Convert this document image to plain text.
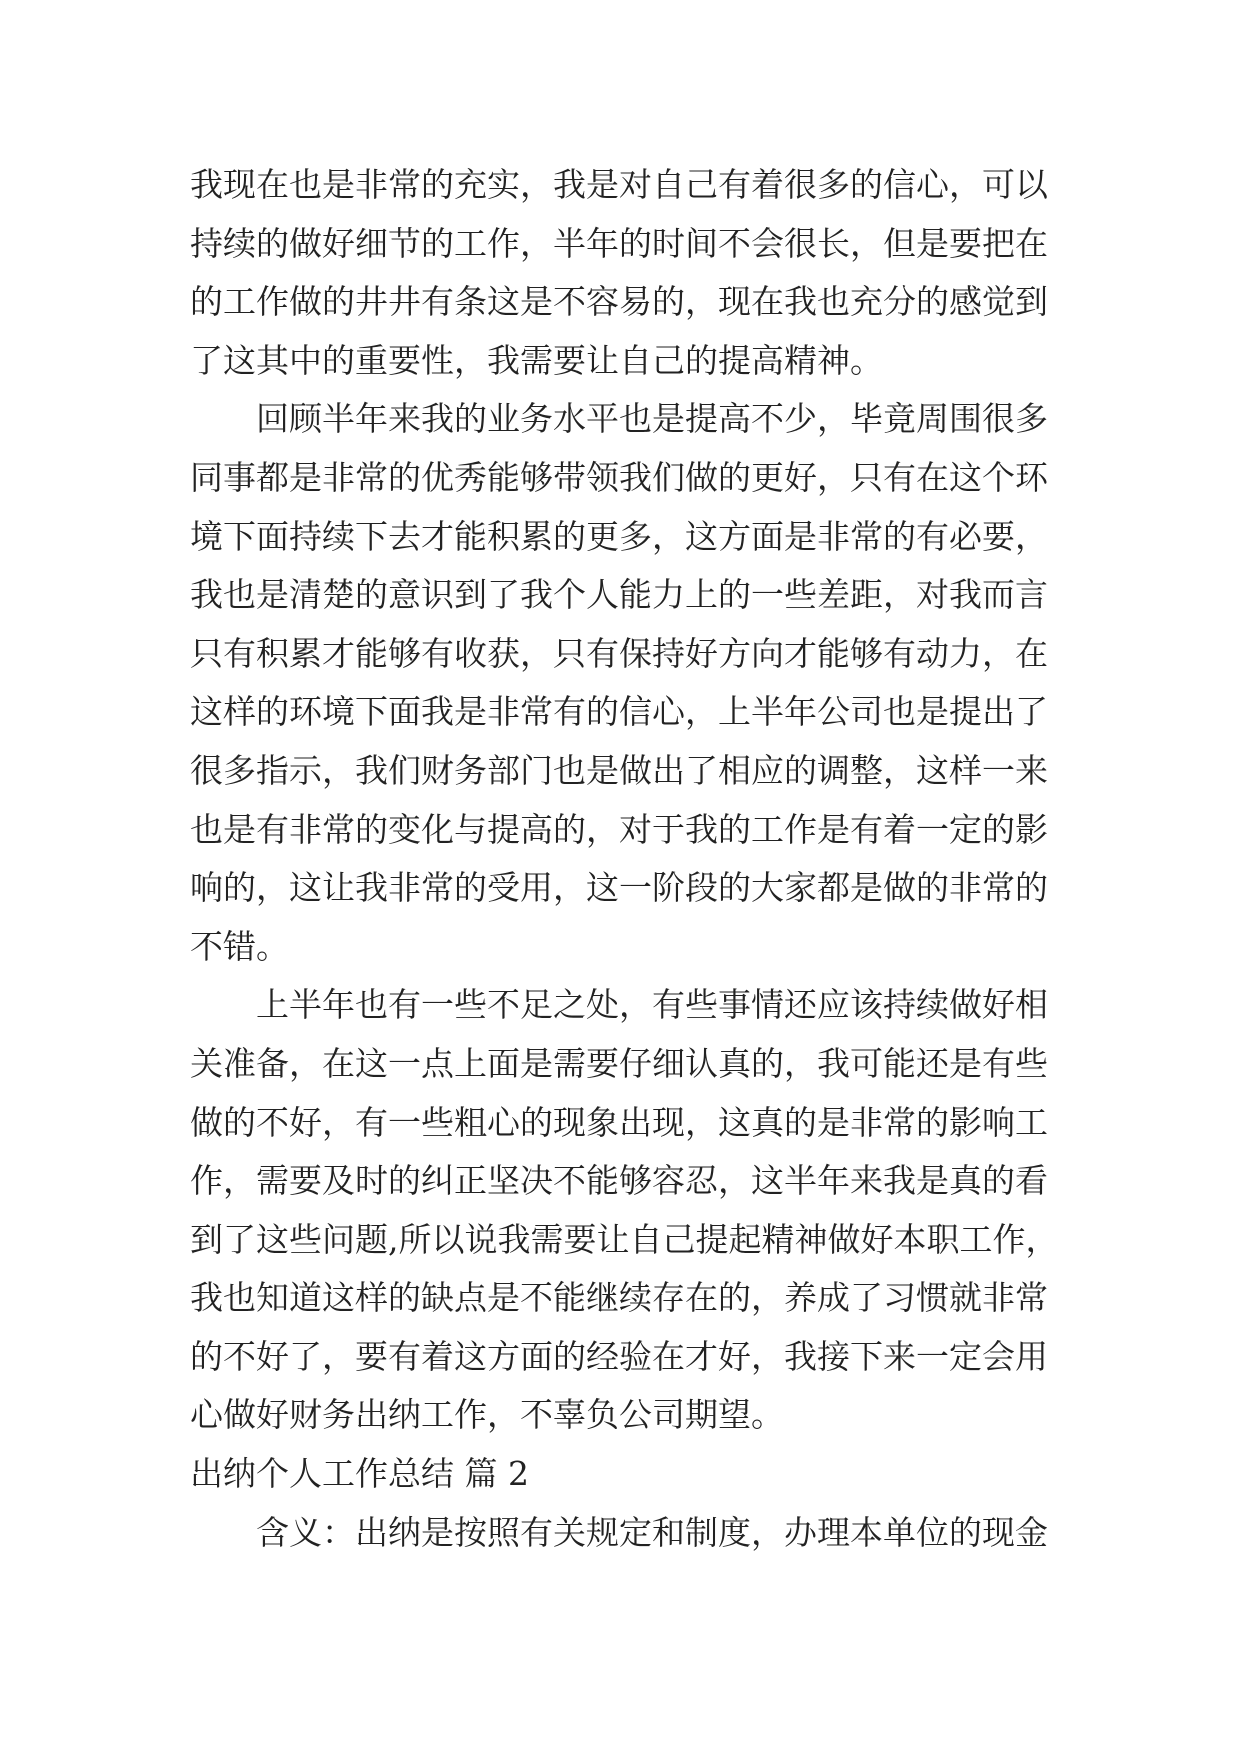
我现在也是非常的充实，我是对自己有着很多的信心，可以
持续的做好细节的工作，半年的时间不会很长，但是要把在
的工作做的井井有条这是不容易的，现在我也充分的感觉到
了这其中的重要性，我需要让自己的提高精神。
回顾半年来我的业务水平也是提高不少，毕竟周围很多
同事都是非常的优秀能够带领我们做的更好，只有在这个环
境下面持续下去才能积累的更多，这方面是非常的有必要，
我也是清楚的意识到了我个人能力上的一些差距，对我而言
只有积累才能够有收获，只有保持好方向才能够有动力，在
这样的环境下面我是非常有的信心，上半年公司也是提出了
很多指示，我们财务部门也是做出了相应的调整，这样一来
也是有非常的变化与提高的，对于我的工作是有着一定的影
响的，这让我非常的受用，这一阶段的大家都是做的非常的
不错。
上半年也有一些不足之处，有些事情还应该持续做好相
关准备，在这一点上面是需要仔细认真的，我可能还是有些
做的不好，有一些粗心的现象出现，这真的是非常的影响工
作，需要及时的纠正坚决不能够容忍，这半年来我是真的看
到了这些问题,所以说我需要让自己提起精神做好本职工作，
我也知道这样的缺点是不能继续存在的，养成了习惯就非常
的不好了，要有着这方面的经验在才好，我接下来一定会用
心做好财务出纳工作，不辜负公司期望。
出纳个人工作总结 篇 2
含义：出纳是按照有关规定和制度，办理本单位的现金
